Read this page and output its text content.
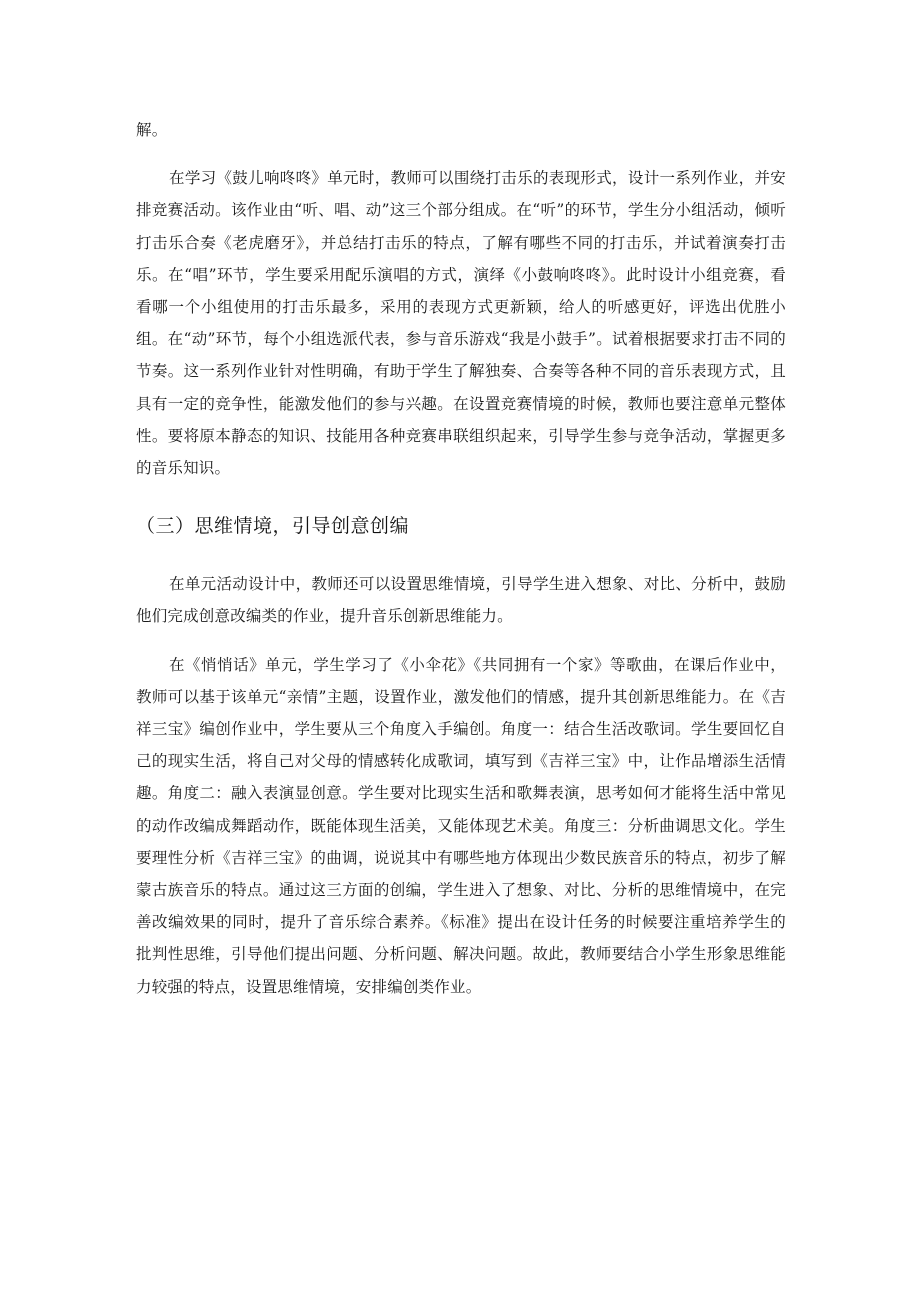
解。

在学习《鼓儿响咚咚》单元时，教师可以围绕打击乐的表现形式，设计一系列作业，并安排竞赛活动。该作业由“听、唱、动”这三个部分组成。在“听”的环节，学生分小组活动，倾听打击乐合奏《老虎磨牙》，并总结打击乐的特点，了解有哪些不同的打击乐，并试着演奏打击乐。在“唱”环节，学生要采用配乐演唱的方式，演绎《小鼓响咚咚》。此时设计小组竞赛，看看哪一个小组使用的打击乐最多，采用的表现方式更新颖，给人的听感更好，评选出优胜小组。在“动”环节，每个小组选派代表，参与音乐游戏“我是小鼓手”。试着根据要求打击不同的节奏。这一系列作业针对性明确，有助于学生了解独奏、合奏等各种不同的音乐表现方式，且具有一定的竞争性，能激发他们的参与兴趣。在设置竞赛情境的时候，教师也要注意单元整体性。要将原本静态的知识、技能用各种竞赛串联组织起来，引导学生参与竞争活动，掌握更多的音乐知识。

（三）思维情境，引导创意创编

在单元活动设计中，教师还可以设置思维情境，引导学生进入想象、对比、分析中，鼓励他们完成创意改编类的作业，提升音乐创新思维能力。

在《悄悄话》单元，学生学习了《小伞花》《共同拥有一个家》等歌曲，在课后作业中，教师可以基于该单元“亲情”主题，设置作业，激发他们的情感，提升其创新思维能力。在《吉祥三宝》编创作业中，学生要从三个角度入手编创。角度一：结合生活改歌词。学生要回忆自己的现实生活，将自己对父母的情感转化成歌词，填写到《吉祥三宝》中，让作品增添生活情趣。角度二：融入表演显创意。学生要对比现实生活和歌舞表演，思考如何才能将生活中常见的动作改编成舞蹈动作，既能体现生活美，又能体现艺术美。角度三：分析曲调思文化。学生要理性分析《吉祥三宝》的曲调，说说其中有哪些地方体现出少数民族音乐的特点，初步了解蒙古族音乐的特点。通过这三方面的创编，学生进入了想象、对比、分析的思维情境中，在完善改编效果的同时，提升了音乐综合素养。《标准》提出在设计任务的时候要注重培养学生的批判性思维，引导他们提出问题、分析问题、解决问题。故此，教师要结合小学生形象思维能力较强的特点，设置思维情境，安排编创类作业。
